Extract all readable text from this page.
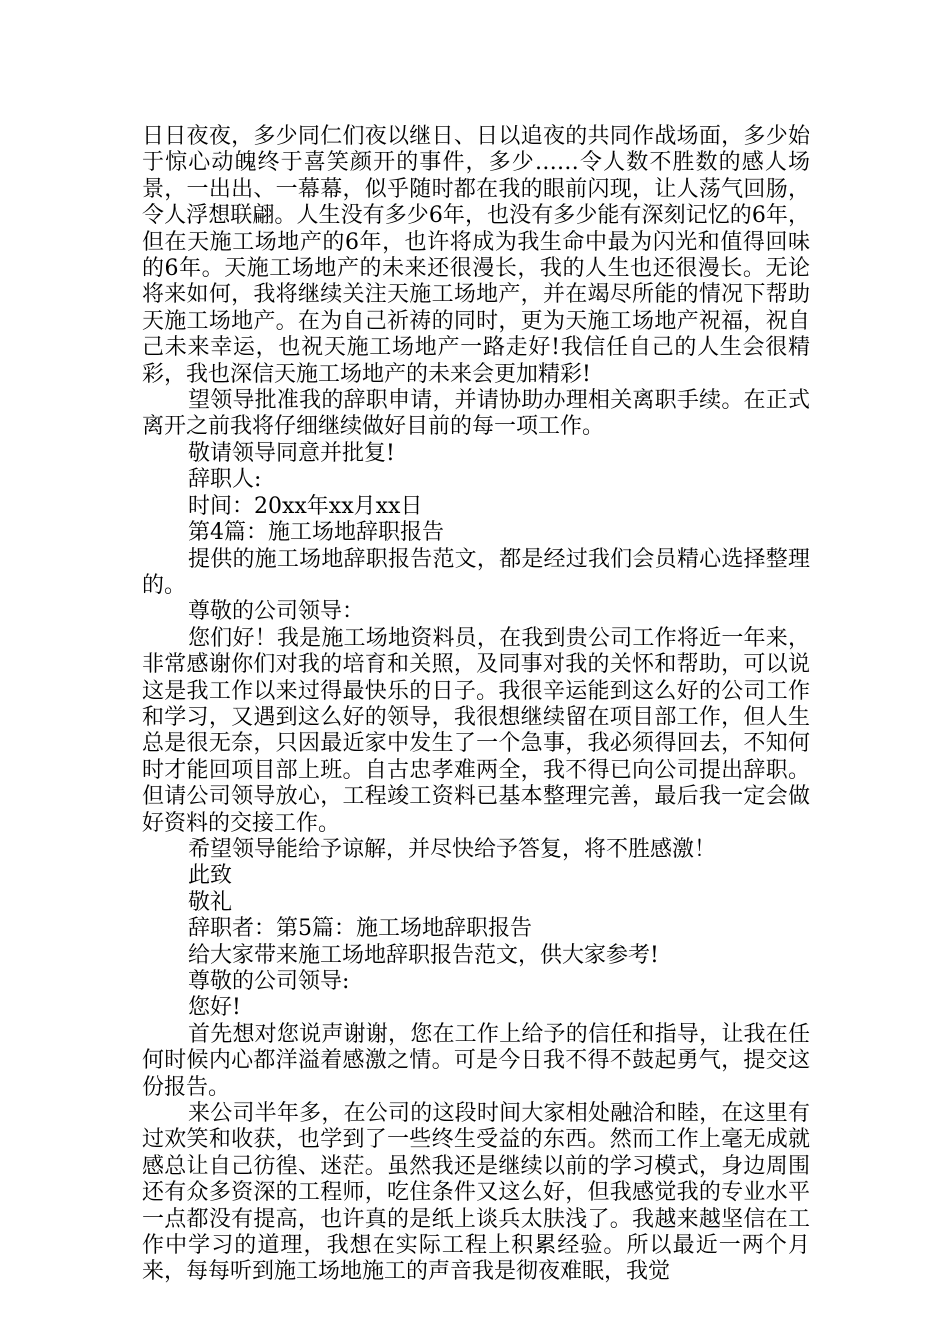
日日夜夜，多少同仁们夜以继日、日以追夜的共同作战场面，多少始于惊心动魄终于喜笑颜开的事件，多少……令人数不胜数的感人场景，一出出、一幕幕，似乎随时都在我的眼前闪现，让人荡气回肠，令人浮想联翩。人生没有多少6年，也没有多少能有深刻记忆的6年，但在天施工场地产的6年，也许将成为我生命中最为闪光和值得回味的6年。天施工场地产的未来还很漫长，我的人生也还很漫长。无论将来如何，我将继续关注天施工场地产，并在竭尽所能的情况下帮助天施工场地产。在为自己祈祷的同时，更为天施工场地产祝福，祝自己未来幸运，也祝天施工场地产一路走好!我信任自己的人生会很精彩，我也深信天施工场地产的未来会更加精彩!

望领导批准我的辞职申请，并请协助办理相关离职手续。在正式离开之前我将仔细继续做好目前的每一项工作。

敬请领导同意并批复!

辞职人:

时间：20xx年xx月xx日

第4篇：施工场地辞职报告

提供的施工场地辞职报告范文，都是经过我们会员精心选择整理的。

尊敬的公司领导：

您们好！我是施工场地资料员，在我到贵公司工作将近一年来，非常感谢你们对我的培育和关照，及同事对我的关怀和帮助，可以说这是我工作以来过得最快乐的日子。我很辛运能到这么好的公司工作和学习，又遇到这么好的领导，我很想继续留在项目部工作，但人生总是很无奈，只因最近家中发生了一个急事，我必须得回去，不知何时才能回项目部上班。自古忠孝难两全，我不得已向公司提出辞职。但请公司领导放心，工程竣工资料已基本整理完善，最后我一定会做好资料的交接工作。

希望领导能给予谅解，并尽快给予答复，将不胜感激！

此致

敬礼

辞职者：第5篇：施工场地辞职报告

给大家带来施工场地辞职报告范文，供大家参考!

尊敬的公司领导:

您好!

首先想对您说声谢谢，您在工作上给予的信任和指导，让我在任何时候内心都洋溢着感激之情。可是今日我不得不鼓起勇气，提交这份报告。

来公司半年多，在公司的这段时间大家相处融洽和睦，在这里有过欢笑和收获，也学到了一些终生受益的东西。然而工作上毫无成就感总让自己彷徨、迷茫。虽然我还是继续以前的学习模式，身边周围还有众多资深的工程师，吃住条件又这么好，但我感觉我的专业水平一点都没有提高，也许真的是纸上谈兵太肤浅了。我越来越坚信在工作中学习的道理，我想在实际工程上积累经验。所以最近一两个月来，每每听到施工场地施工的声音我是彻夜难眠，我觉
